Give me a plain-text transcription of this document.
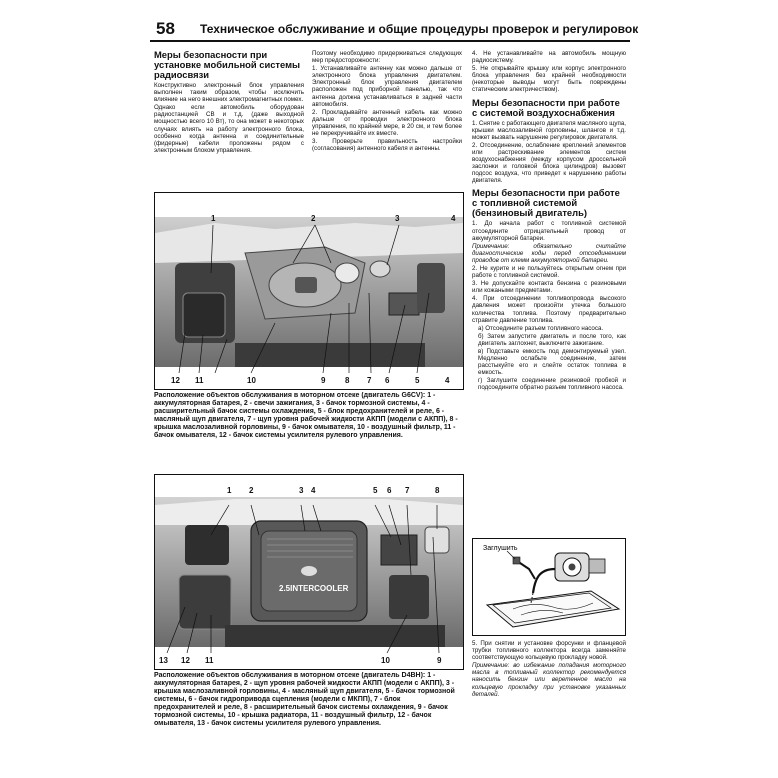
58 Техническое обслуживание и общие процедуры проверок и регулировок
Меры безопасности при установке мобильной системы радиосвязи

Конструктивно электронный блок управления выполнен таким образом, чтобы исключить влияние на него внешних электромагнитных помех.

Однако если автомобиль оборудован радиостанцией СВ и т.д. (даже выходной мощностью всего 10 Вт), то она может в некоторых случаях влиять на работу электронного блока, особенно когда антенна и соединительные (фидерные) кабели проложены рядом с электронным блоком управления.

Поэтому необходимо придерживаться следующих мер предосторожности:

1. Устанавливайте антенну как можно дальше от электронного блока управления двигателем. Электронный блок управления двигателем расположен под приборной панелью, так что антенна должна устанавливаться в задней части автомобиля.

2. Прокладывайте антенный кабель как можно дальше от проводки электронного блока управления, по крайней мере, в 20 см, и тем более не перекручивайте их вместе.

3. Проверьте правильность настройки (согласования) антенного кабеля и антенны.

4. Не устанавливайте на автомобиль мощную радиосистему.

5. Не открывайте крышку или корпус электронного блока управления без крайней необходимости (некоторые выводы могут быть повреждены статическим электричеством).

Меры безопасности при работе с системой воздухоснабжения

1. Снятие с работающего двигателя масляного щупа, крышки маслозаливной горловины, шлангов и т.д. может вызвать нарушение регулировок двигателя.

2. Отсоединение, ослабление креплений элементов или растрескивание элементов систем воздухоснабжения (между корпусом дроссельной заслонки и головкой блока цилиндров) вызовет подсос воздуха, что приведет к нарушению работы двигателя.

Меры безопасности при работе с топливной системой (бензиновый двигатель)

1. До начала работ с топливной системой отсоедините отрицательный провод от аккумуляторной батареи.

Примечание: обязательно считайте диагностические коды перед отсоединением проводов от клемм аккумуляторной батареи.

2. Не курите и не пользуйтесь открытым огнем при работе с топливной системой.

3. Не допускайте контакта бензина с резиновыми или кожаными предметами.

4. При отсоединении топливопровода высокого давления может произойти утечка большого количества топлива. Поэтому предварительно стравите давление топлива.

а) Отсоедините разъем топливного насоса.

б) Затем запустите двигатель и после того, как двигатель заглохнет, выключите зажигание.

в) Подставьте емкость под демонтируемый узел. Медленно ослабьте соединение, затем расстыкуйте его и слейте остаток топлива в емкость.

г) Заглушите соединение резиновой пробкой и подсоедините обратно разъем топливного насоса.

Заглушить

5. При снятии и установке форсунки и фланцевой трубки топливного коллектора всегда заменяйте соответствующую кольцевую прокладку новой.

Примечание: во избежание попадания моторного масла в топливный коллектор рекомендуется наносить бензин или веретенное масло на кольцевую прокладку при установке указанных деталей.

1	2	3	4
12 11	10	9 8 7 6	5	4
Расположение объектов обслуживания в моторном отсеке (двигатель G6CV): 1 - аккумуляторная батарея, 2 - свечи зажигания, 3 - бачок тормозной системы, 4 - расширительный бачок системы охлаждения, 5 - блок предохранителей и реле, 6 - масляный щуп двигателя, 7 - щуп уровня рабочей жидкости АКПП (модели с АКПП), 8 - крышка маслозаливной горловины, 9 - бачок омывателя, 10 - воздушный фильтр, 11 - бачок омывателя, 12 - бачок системы усилителя рулевого управления.
2.5INTERCOOLER
1 2	3 4	5 6 7	8
13 12 11	10	9
Расположение объектов обслуживания в моторном отсеке (двигатель D4BH): 1 - аккумуляторная батарея, 2 - щуп уровня рабочей жидкости АКПП (модели с АКПП), 3 - крышка маслозаливной горловины, 4 - масляный щуп двигателя, 5 - бачок тормозной системы, 6 - бачок гидропривода сцепления (модели с МКПП), 7 - блок предохранителей и реле, 8 - расширительный бачок системы охлаждения, 9 - бачок тормозной системы, 10 - крышка радиатора, 11 - воздушный фильтр, 12 - бачок омывателя, 13 - бачок системы усилителя рулевого управления.
